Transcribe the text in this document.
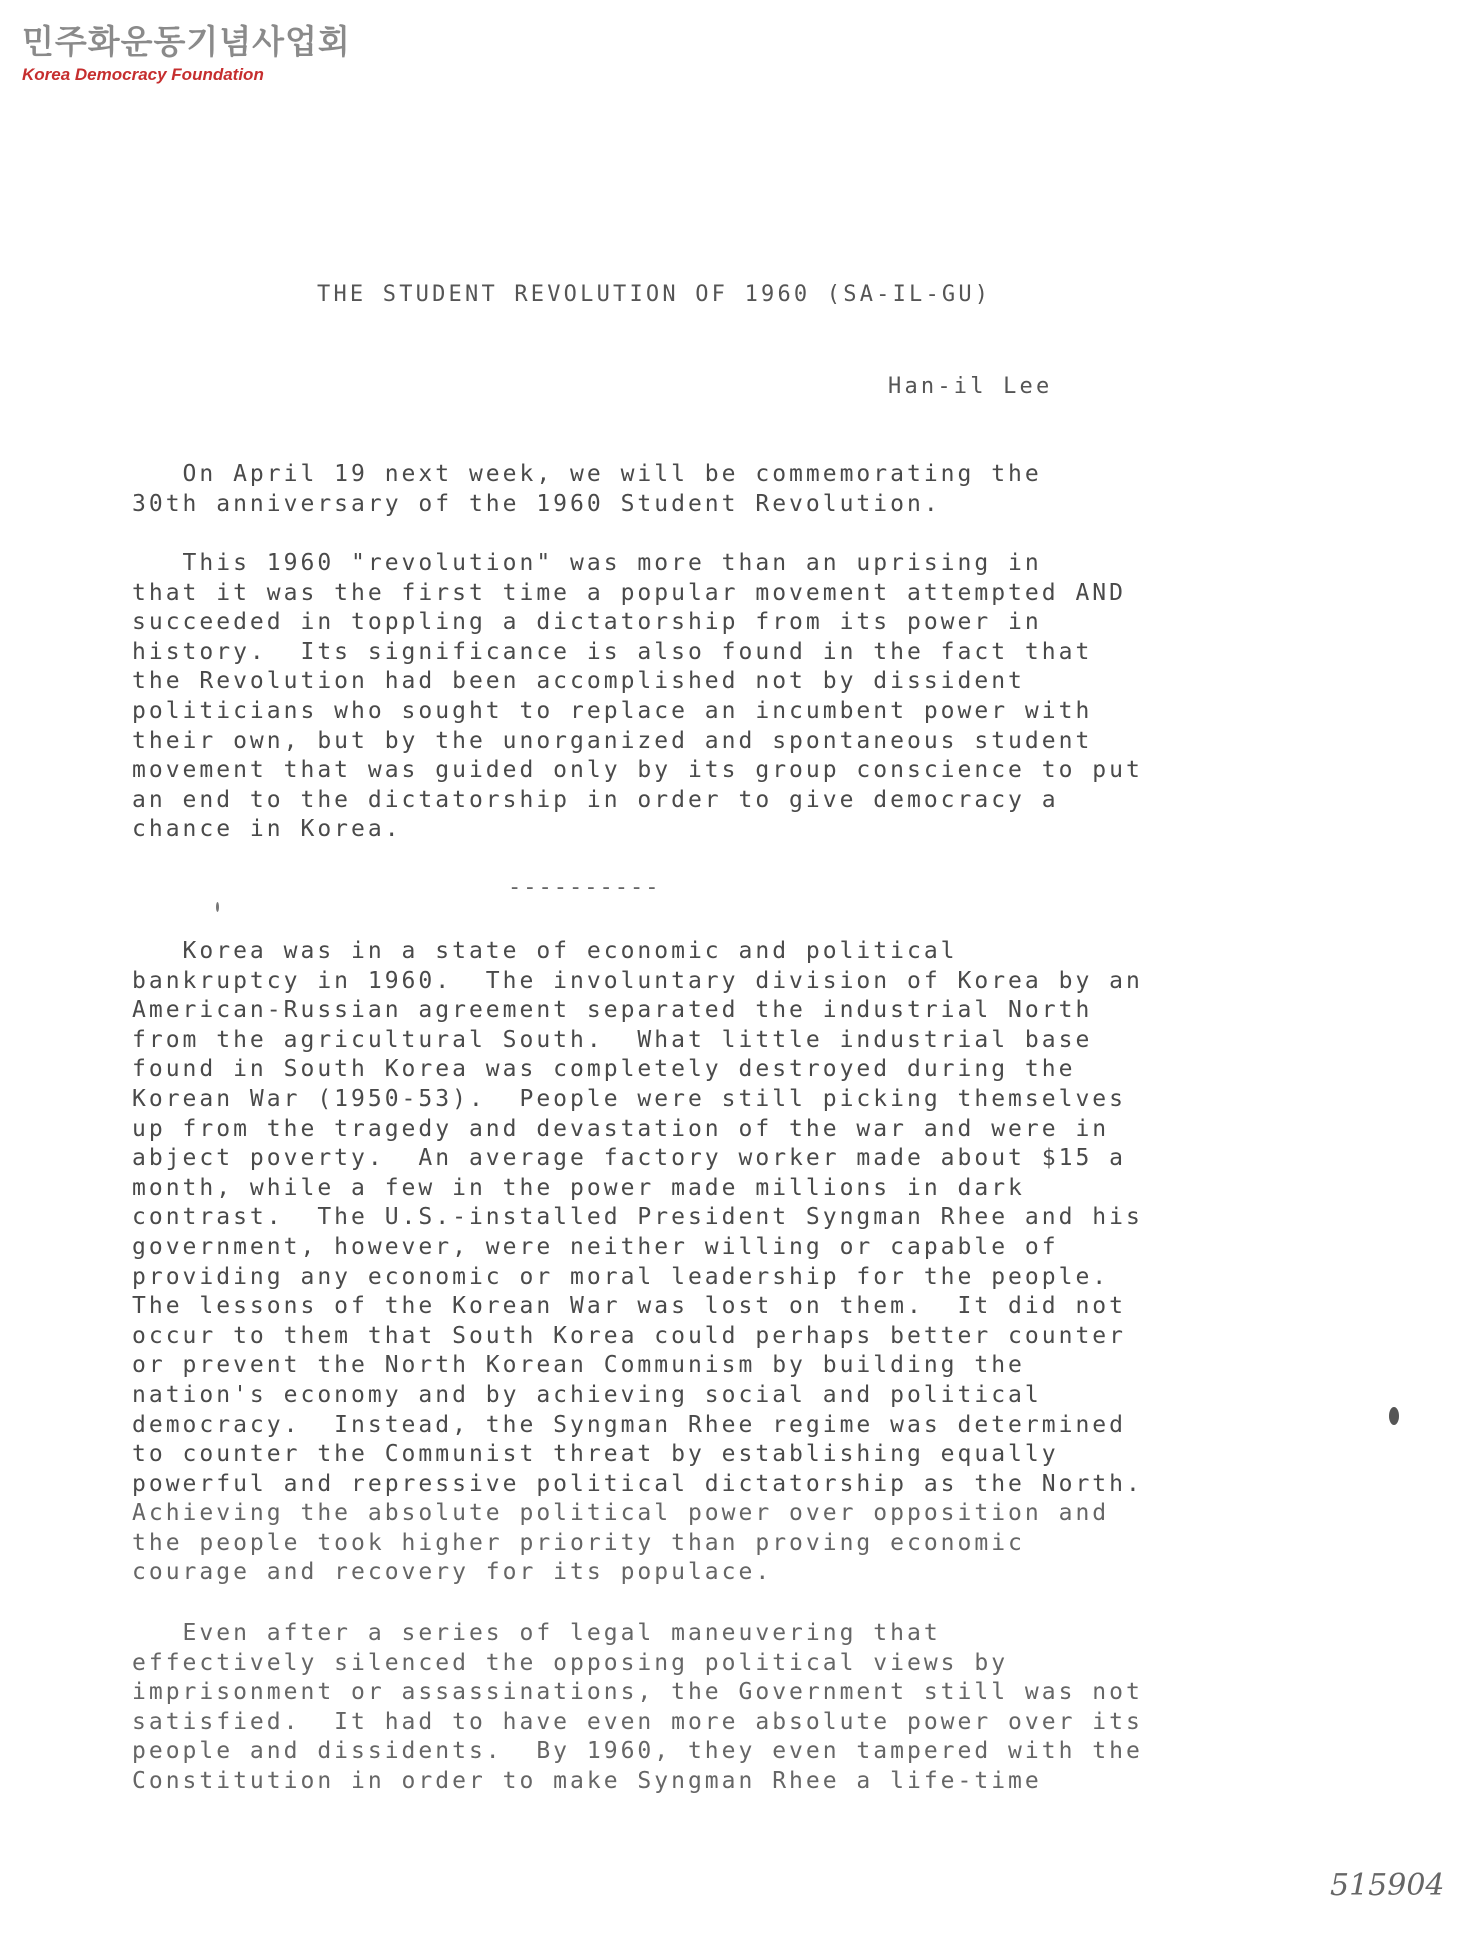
민주화운동기념사업회
Korea Democracy Foundation
THE STUDENT REVOLUTION OF 1960 (SA-IL-GU)
Han-il Lee

On April 19 next week, we will be commemorating the

30th anniversary of the 1960 Student Revolution.

This 1960 "revolution" was more than an uprising in

that it was the first time a popular movement attempted AND

succeeded in toppling a dictatorship from its power in

history.  Its significance is also found in the fact that

the Revolution had been accomplished not by dissident

politicians who sought to replace an incumbent power with

their own, but by the unorganized and spontaneous student

movement that was guided only by its group conscience to put

an end to the dictatorship in order to give democracy a

chance in Korea.

----------

Korea was in a state of economic and political

bankruptcy in 1960.  The involuntary division of Korea by an

American-Russian agreement separated the industrial North

from the agricultural South.  What little industrial base

found in South Korea was completely destroyed during the

Korean War (1950-53).  People were still picking themselves

up from the tragedy and devastation of the war and were in

abject poverty.  An average factory worker made about $15 a

month, while a few in the power made millions in dark

contrast.  The U.S.-installed President Syngman Rhee and his

government, however, were neither willing or capable of

providing any economic or moral leadership for the people.

The lessons of the Korean War was lost on them.  It did not

occur to them that South Korea could perhaps better counter

or prevent the North Korean Communism by building the

nation's economy and by achieving social and political

democracy.  Instead, the Syngman Rhee regime was determined

to counter the Communist threat by establishing equally

powerful and repressive political dictatorship as the North.

Achieving the absolute political power over opposition and

the people took higher priority than proving economic

courage and recovery for its populace.

Even after a series of legal maneuvering that

effectively silenced the opposing political views by

imprisonment or assassinations, the Government still was not

satisfied.  It had to have even more absolute power over its

people and dissidents.  By 1960, they even tampered with the

Constitution in order to make Syngman Rhee a life-time

515904
